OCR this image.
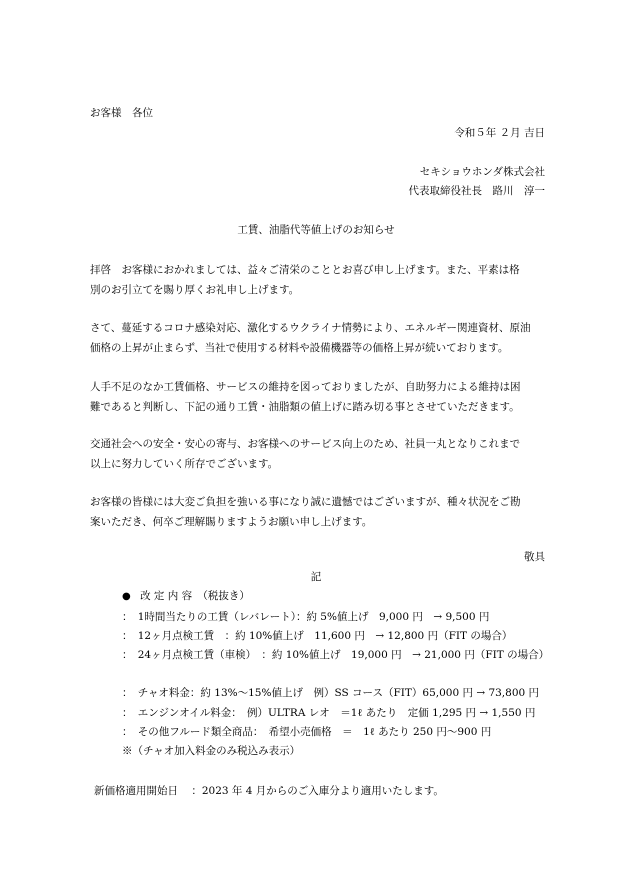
お客様　各位
令和５年 ２月 吉日
セキショウホンダ株式会社
代表取締役社長　路川　淳一
工賃、油脂代等値上げのお知らせ
拝啓　お客様におかれましては、益々ご清栄のこととお喜び申し上げます。また、平素は格
別のお引立てを賜り厚くお礼申し上げます。
さて、蔓延するコロナ感染対応、激化するウクライナ情勢により、エネルギー関連資材、原油
価格の上昇が止まらず、当社で使用する材料や設備機器等の価格上昇が続いております。
人手不足のなか工賃価格、サービスの維持を図っておりましたが、自助努力による維持は困
難であると判断し、下記の通り工賃・油脂類の値上げに踏み切る事とさせていただきます。
交通社会への安全・安心の寄与、お客様へのサービス向上のため、社員一丸となりこれまで
以上に努力していく所存でございます。
お客様の皆様には大変ご負担を強いる事になり誠に遺憾ではございますが、種々状況をご勘
案いただき、何卒ご理解賜りますようお願い申し上げます。
敬具
記
● 改 定 内 容　（税抜き）
：　1時間当たりの工賃（レバレート）：約 5%値上げ　9,000 円　→ 9,500 円
：　12ヶ月点検工賃　：約 10%値上げ　11,600 円　→ 12,800 円（FIT の場合）
：　24ヶ月点検工賃（車検）　：約 10%値上げ　19,000 円　→ 21,000 円（FIT の場合）
：　チャオ料金：約 13%～15%値上げ　例）SS コース（FIT）65,000 円 → 73,800 円
：　エンジンオイル料金：　例）ULTRA レオ　＝1ℓ あたり　定価 1,295 円 → 1,550 円
：　その他フルード類全商品：　希望小売価格　＝　1ℓ あたり 250 円～900 円
※（チャオ加入料金のみ税込み表示）
新価格適用開始日 ：2023 年 4 月からのご入庫分より適用いたします。
